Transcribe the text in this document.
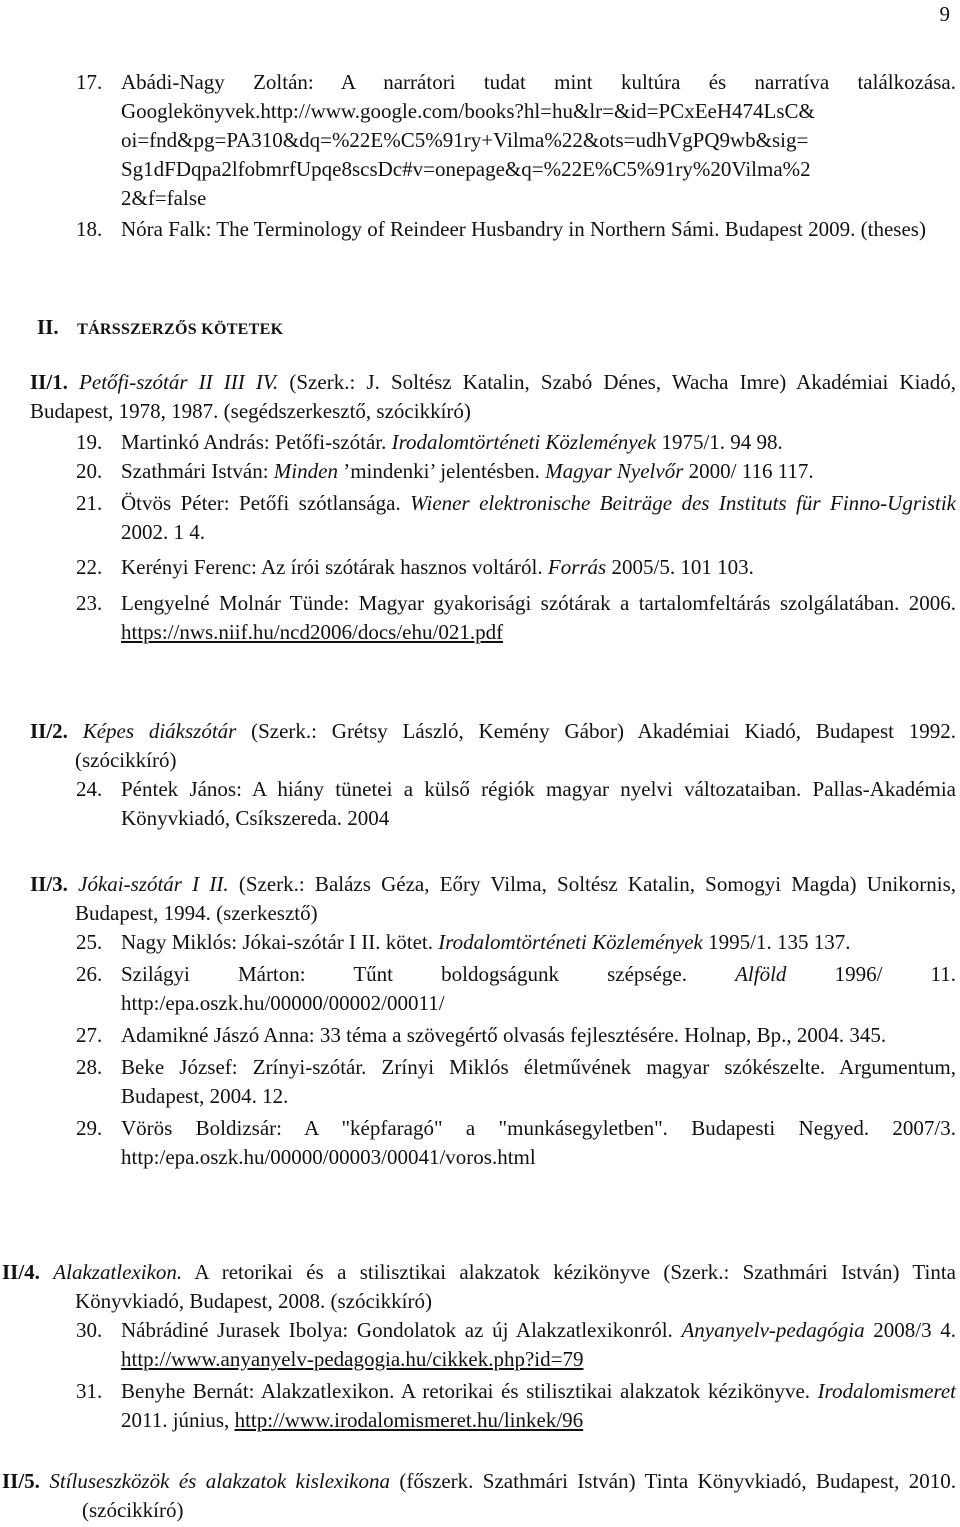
9
17. Abádi-Nagy Zoltán: A narrátori tudat mint kultúra és narratíva találkozása.
Googlekönyvek.http://www.google.com/books?hl=hu&lr=&id=PCxEeH474LsC&
oi=fnd&pg=PA310&dq=%22E%C5%91ry+Vilma%22&ots=udhVgPQ9wb&sig=
Sg1dFDqpa2lfobmrfUpqe8scsDc#v=onepage&q=%22E%C5%91ry%20Vilma%2
2&f=false
18. Nóra Falk: The Terminology of Reindeer Husbandry in Northern Sámi. Budapest 2009. (theses)
II. TÁRSSZERZŐS KÖTETEK
II/1. Petőfi-szótár II III IV. (Szerk.: J. Soltész Katalin, Szabó Dénes, Wacha Imre) Akadémiai Kiadó, Budapest, 1978, 1987. (segédszerkesztő, szócikkíró)
19. Martinkó András: Petőfi-szótár. Irodalomtörténeti Közlemények 1975/1. 94 98.
20. Szathmári István: Minden ’mindenki’ jelentésben. Magyar Nyelvőr 2000/ 116 117.
21. Ötvös Péter: Petőfi szótlansága. Wiener elektronische Beiträge des Instituts für Finno-Ugristik 2002. 1 4.
22. Kerényi Ferenc: Az írói szótárak hasznos voltáról. Forrás 2005/5. 101 103.
23. Lengyelné Molnár Tünde: Magyar gyakorisági szótárak a tartalomfeltárás szolgálatában. 2006. https://nws.niif.hu/ncd2006/docs/ehu/021.pdf
II/2. Képes diákszótár (Szerk.: Grétsy László, Kemény Gábor) Akadémiai Kiadó, Budapest 1992. (szócikkíró)
24. Péntek János: A hiány tünetei a külső régiók magyar nyelvi változataiban. Pallas-Akadémia Könyvkiadó, Csíkszereda. 2004
II/3. Jókai-szótár I II. (Szerk.: Balázs Géza, Eőry Vilma, Soltész Katalin, Somogyi Magda) Unikornis, Budapest, 1994. (szerkesztő)
25. Nagy Miklós: Jókai-szótár I II. kötet. Irodalomtörténeti Közlemények 1995/1. 135 137.
26. Szilágyi Márton: Tűnt boldogságunk szépsége. Alföld 1996/ 11. http:/epa.oszk.hu/00000/00002/00011/
27. Adamikné Jászó Anna: 33 téma a szövegértő olvasás fejlesztésére. Holnap, Bp., 2004. 345.
28. Beke József: Zrínyi-szótár. Zrínyi Miklós életművének magyar szókészelte. Argumentum, Budapest, 2004. 12.
29. Vörös Boldizsár: A "képfaragó" a "munkásegyletben". Budapesti Negyed. 2007/3. http:/epa.oszk.hu/00000/00003/00041/voros.html
II/4. Alakzatlexikon. A retorikai és a stilisztikai alakzatok kézikönyve (Szerk.: Szathmári István) Tinta Könyvkiadó, Budapest, 2008. (szócikkíró)
30. Nábrádiné Jurasek Ibolya: Gondolatok az új Alakzatlexikonról. Anyanyelv-pedagógia 2008/3 4. http://www.anyanyelv-pedagogia.hu/cikkek.php?id=79
31. Benyhe Bernát: Alakzatlexikon. A retorikai és stilisztikai alakzatok kézikönyve. Irodalomismeret 2011. június, http://www.irodalomismeret.hu/linkek/96
II/5. Stíluseszközök és alakzatok kislexikona (főszerk. Szathmári István) Tinta Könyvkiadó, Budapest, 2010. (szócikkíró)
